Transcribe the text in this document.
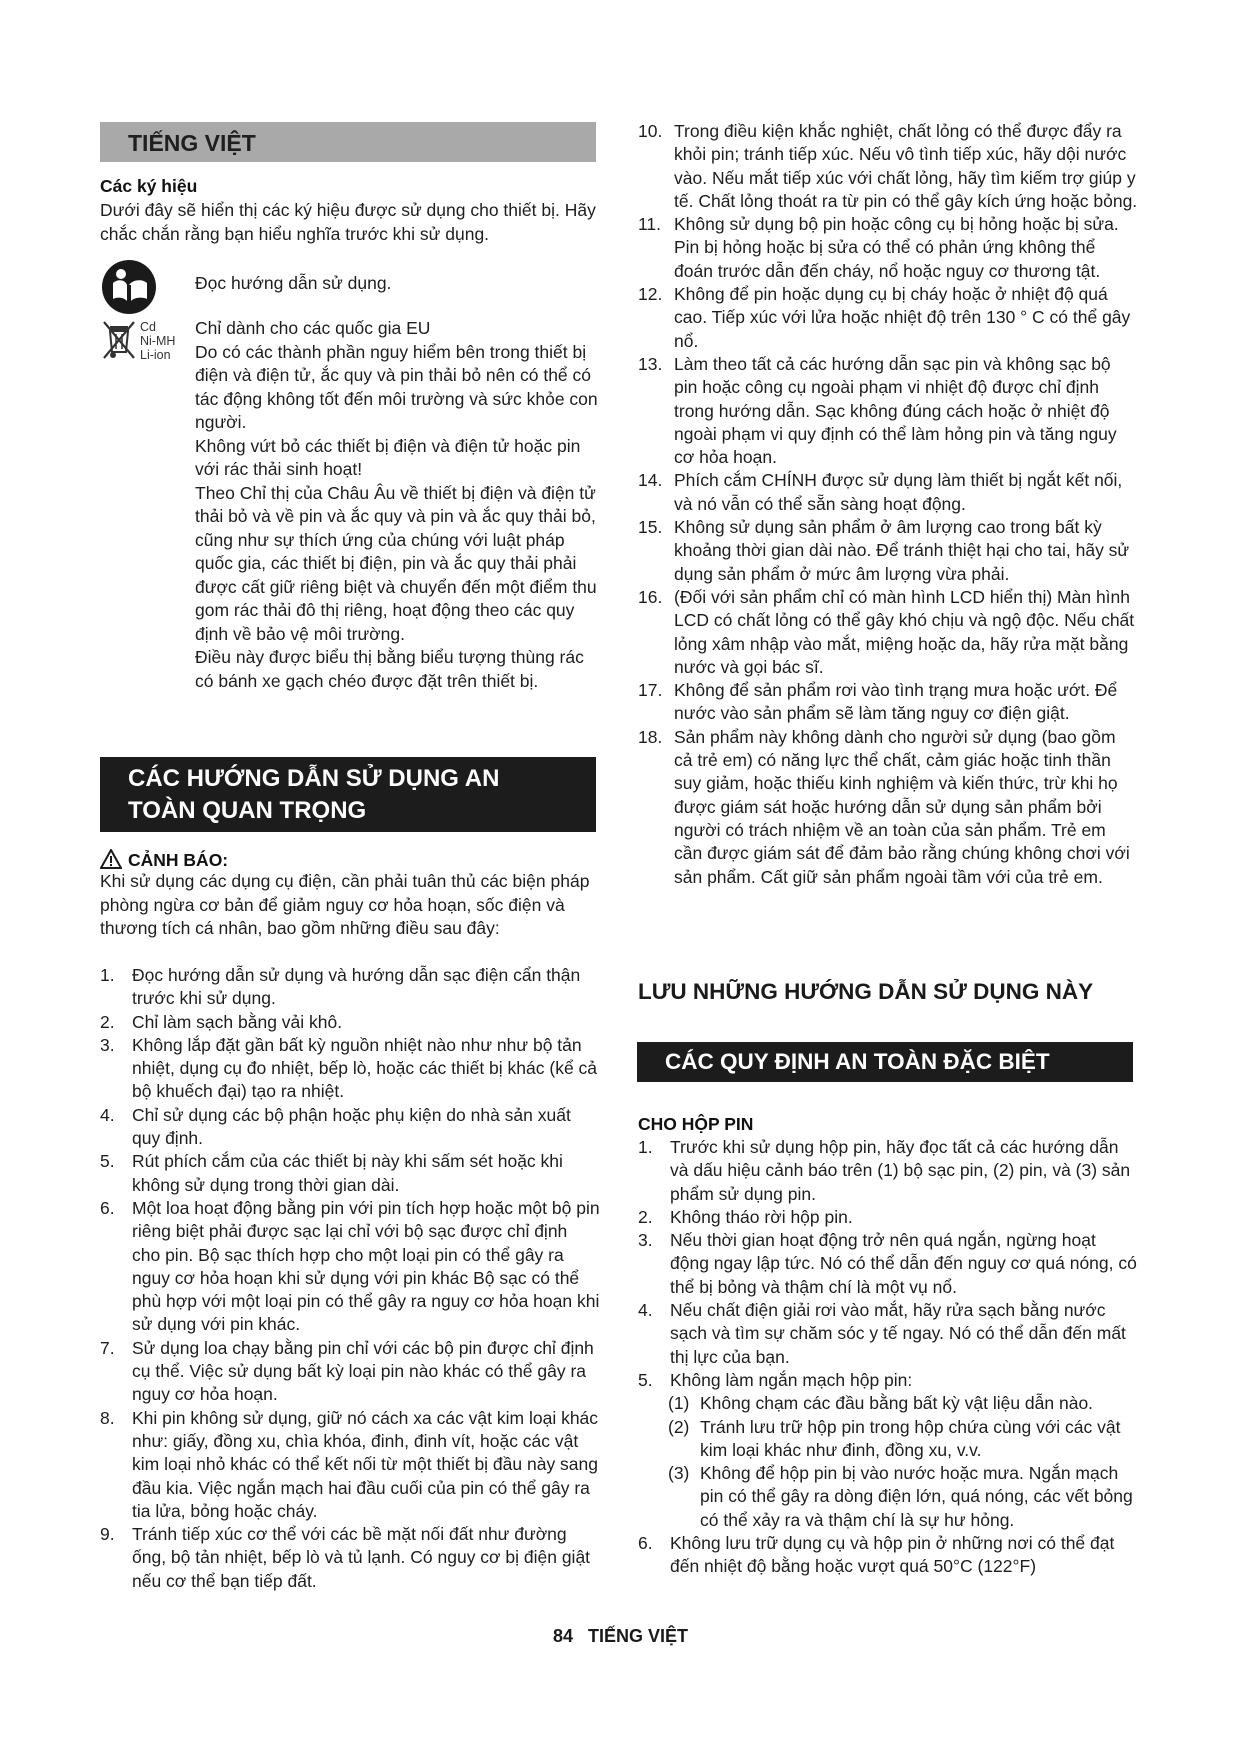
TIẾNG VIỆT
Các ký hiệu
Dưới đây sẽ hiển thị các ký hiệu được sử dụng cho thiết bị. Hãy chắc chắn rằng bạn hiểu nghĩa trước khi sử dụng.
Đọc hướng dẫn sử dụng.
Cd
Ni-MH
Li-ion
Chỉ dành cho các quốc gia EU
Do có các thành phần nguy hiểm bên trong thiết bị điện và điện tử, ắc quy và pin thải bỏ nên có thể có tác động không tốt đến môi trường và sức khỏe con người.
Không vứt bỏ các thiết bị điện và điện tử hoặc pin với rác thải sinh hoạt!
Theo Chỉ thị của Châu Âu về thiết bị điện và điện tử thải bỏ và về pin và ắc quy và pin và ắc quy thải bỏ, cũng như sự thích ứng của chúng với luật pháp quốc gia, các thiết bị điện, pin và ắc quy thải phải được cất giữ riêng biệt và chuyển đến một điểm thu gom rác thải đô thị riêng, hoạt động theo các quy định về bảo vệ môi trường.
Điều này được biểu thị bằng biểu tượng thùng rác có bánh xe gạch chéo được đặt trên thiết bị.
CÁC HƯỚNG DẪN SỬ DỤNG AN
TOÀN QUAN TRỌNG
CẢNH BÁO:
Khi sử dụng các dụng cụ điện, cần phải tuân thủ các biện pháp phòng ngừa cơ bản để giảm nguy cơ hỏa hoạn, sốc điện và thương tích cá nhân, bao gồm những điều sau đây:
1. Đọc hướng dẫn sử dụng và hướng dẫn sạc điện cẩn thận trước khi sử dụng.
2. Chỉ làm sạch bằng vải khô.
3. Không lắp đặt gần bất kỳ nguồn nhiệt nào như như bộ tản nhiệt, dụng cụ đo nhiệt, bếp lò, hoặc các thiết bị khác (kể cả bộ khuếch đại) tạo ra nhiệt.
4. Chỉ sử dụng các bộ phận hoặc phụ kiện do nhà sản xuất quy định.
5. Rút phích cắm của các thiết bị này khi sấm sét hoặc khi không sử dụng trong thời gian dài.
6. Một loa hoạt động bằng pin với pin tích hợp hoặc một bộ pin riêng biệt phải được sạc lại chỉ với bộ sạc được chỉ định cho pin. Bộ sạc thích hợp cho một loại pin có thể gây ra nguy cơ hỏa hoạn khi sử dụng với pin khác Bộ sạc có thể phù hợp với một loại pin có thể gây ra nguy cơ hỏa hoạn khi sử dụng với pin khác.
7. Sử dụng loa chạy bằng pin chỉ với các bộ pin được chỉ định cụ thể. Việc sử dụng bất kỳ loại pin nào khác có thể gây ra nguy cơ hỏa hoạn.
8. Khi pin không sử dụng, giữ nó cách xa các vật kim loại khác như: giấy, đồng xu, chìa khóa, đinh, đinh vít, hoặc các vật kim loại nhỏ khác có thể kết nối từ một thiết bị đầu này sang đầu kia. Việc ngắn mạch hai đầu cuối của pin có thể gây ra tia lửa, bỏng hoặc cháy.
9. Tránh tiếp xúc cơ thể với các bề mặt nối đất như đường ống, bộ tản nhiệt, bếp lò và tủ lạnh. Có nguy cơ bị điện giật nếu cơ thể bạn tiếp đất.
10. Trong điều kiện khắc nghiệt, chất lỏng có thể được đẩy ra khỏi pin; tránh tiếp xúc. Nếu vô tình tiếp xúc, hãy dội nước vào. Nếu mắt tiếp xúc với chất lỏng, hãy tìm kiếm trợ giúp y tế. Chất lỏng thoát ra từ pin có thể gây kích ứng hoặc bỏng.
11. Không sử dụng bộ pin hoặc công cụ bị hỏng hoặc bị sửa. Pin bị hỏng hoặc bị sửa có thể có phản ứng không thể đoán trước dẫn đến cháy, nổ hoặc nguy cơ thương tật.
12. Không để pin hoặc dụng cụ bị cháy hoặc ở nhiệt độ quá cao. Tiếp xúc với lửa hoặc nhiệt độ trên 130 ° C có thể gây nổ.
13. Làm theo tất cả các hướng dẫn sạc pin và không sạc bộ pin hoặc công cụ ngoài phạm vi nhiệt độ được chỉ định trong hướng dẫn. Sạc không đúng cách hoặc ở nhiệt độ ngoài phạm vi quy định có thể làm hỏng pin và tăng nguy cơ hỏa hoạn.
14. Phích cắm CHÍNH được sử dụng làm thiết bị ngắt kết nối, và nó vẫn có thể sẵn sàng hoạt động.
15. Không sử dụng sản phẩm ở âm lượng cao trong bất kỳ khoảng thời gian dài nào. Để tránh thiệt hại cho tai, hãy sử dụng sản phẩm ở mức âm lượng vừa phải.
16. (Đối với sản phẩm chỉ có màn hình LCD hiển thị) Màn hình LCD có chất lỏng có thể gây khó chịu và ngộ độc. Nếu chất lỏng xâm nhập vào mắt, miệng hoặc da, hãy rửa mặt bằng nước và gọi bác sĩ.
17. Không để sản phẩm rơi vào tình trạng mưa hoặc ướt. Để nước vào sản phẩm sẽ làm tăng nguy cơ điện giật.
18. Sản phẩm này không dành cho người sử dụng (bao gồm cả trẻ em) có năng lực thể chất, cảm giác hoặc tinh thần suy giảm, hoặc thiếu kinh nghiệm và kiến thức, trừ khi họ được giám sát hoặc hướng dẫn sử dụng sản phẩm bởi người có trách nhiệm về an toàn của sản phẩm. Trẻ em cần được giám sát để đảm bảo rằng chúng không chơi với sản phẩm. Cất giữ sản phẩm ngoài tầm với của trẻ em.
LƯU NHỮNG HƯỚNG DẪN SỬ DỤNG NÀY
CÁC QUY ĐỊNH AN TOÀN ĐẶC BIỆT
CHO HỘP PIN
1. Trước khi sử dụng hộp pin, hãy đọc tất cả các hướng dẫn và dấu hiệu cảnh báo trên (1) bộ sạc pin, (2) pin, và (3) sản phẩm sử dụng pin.
2. Không tháo rời hộp pin.
3. Nếu thời gian hoạt động trở nên quá ngắn, ngừng hoạt động ngay lập tức. Nó có thể dẫn đến nguy cơ quá nóng, có thể bị bỏng và thậm chí là một vụ nổ.
4. Nếu chất điện giải rơi vào mắt, hãy rửa sạch bằng nước sạch và tìm sự chăm sóc y tế ngay. Nó có thể dẫn đến mất thị lực của bạn.
5. Không làm ngắn mạch hộp pin:
(1) Không chạm các đầu bằng bất kỳ vật liệu dẫn nào.
(2) Tránh lưu trữ hộp pin trong hộp chứa cùng với các vật kim loại khác như đinh, đồng xu, v.v.
(3) Không để hộp pin bị vào nước hoặc mưa. Ngắn mạch pin có thể gây ra dòng điện lớn, quá nóng, các vết bỏng có thể xảy ra và thậm chí là sự hư hỏng.
6. Không lưu trữ dụng cụ và hộp pin ở những nơi có thể đạt đến nhiệt độ bằng hoặc vượt quá 50°C (122°F)
84 TIẾNG VIỆT
